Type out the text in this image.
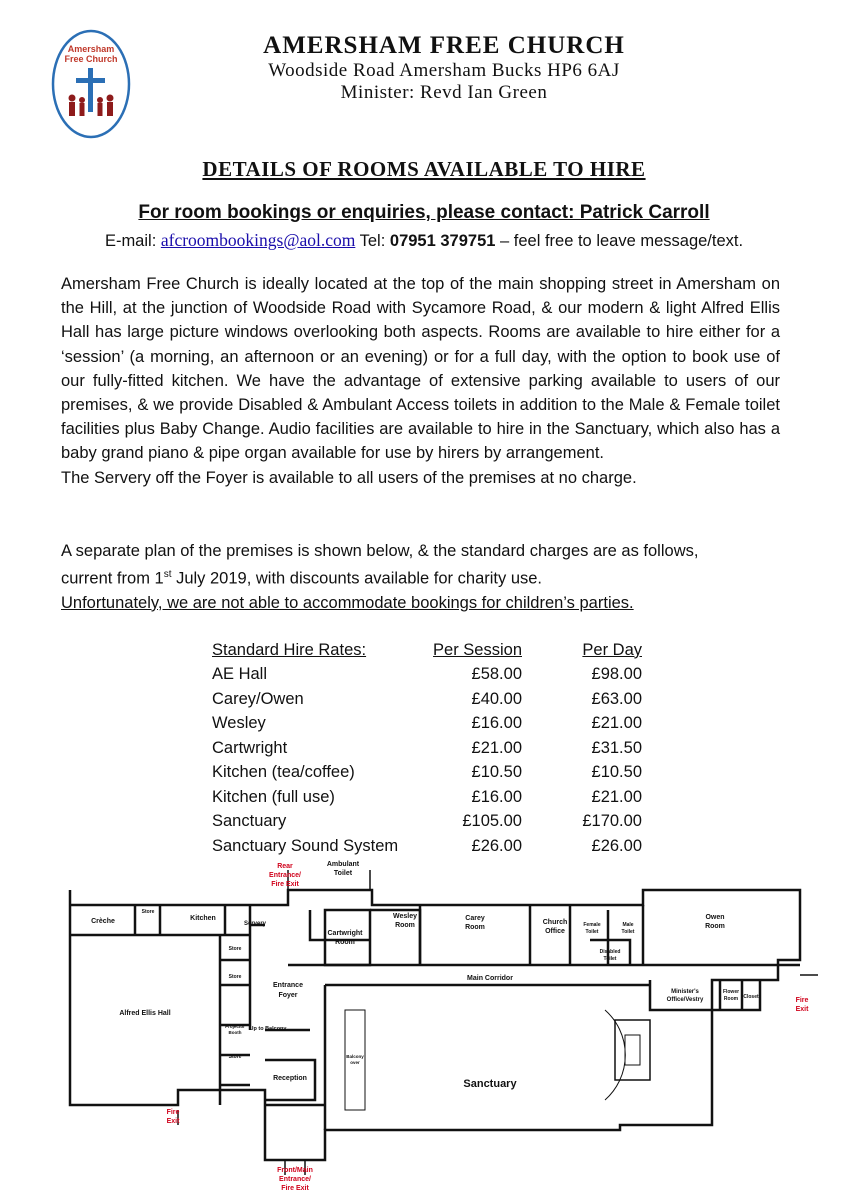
Amersham
Free Church	AMERSHAM FREE CHURCH
Woodside Road Amersham Bucks HP6 6AJ
Minister: Revd Ian Green
DETAILS OF ROOMS AVAILABLE TO HIRE
For room bookings or enquiries, please contact: Patrick Carroll
E-mail: afcroombookings@aol.com Tel: 07951 379751 – feel free to leave message/text.
Amersham Free Church is ideally located at the top of the main shopping street in Amersham on the Hill, at the junction of Woodside Road with Sycamore Road, & our modern & light Alfred Ellis Hall has large picture windows overlooking both aspects. Rooms are available to hire either for a ‘session’ (a morning, an afternoon or an evening) or for a full day, with the option to book use of our fully-fitted kitchen. We have the advantage of extensive parking available to users of our premises, & we provide Disabled & Ambulant Access toilets in addition to the Male & Female toilet facilities plus Baby Change. Audio facilities are available to hire in the Sanctuary, which also has a baby grand piano & pipe organ available for use by hirers by arrangement.
The Servery off the Foyer is available to all users of the premises at no charge.
A separate plan of the premises is shown below, & the standard charges are as follows,
current from 1st July 2019, with discounts available for charity use.
Unfortunately, we are not able to accommodate bookings for children’s parties.
Standard Hire Rates:	Per Session	Per Day
AE Hall	£58.00	£98.00
Carey/Owen	£40.00	£63.00
Wesley	£16.00	£21.00
Cartwright	£21.00	£31.50
Kitchen (tea/coffee)	£10.50	£10.50
Kitchen (full use)	£16.00	£21.00
Sanctuary	£105.00	£170.00
Sanctuary Sound System	£26.00	£26.00
Rear
Entrance/
Fire Exit
Fire
Exit
Fire
Exit
Front/Main
Entrance/
Fire Exit
Ambulant
Toilet
Crèche
Store
Kitchen
Servery
Store
Store
Store
Cartwright
Room
Wesley
Room
Carey
Room
Church
Office
Female
Toilet
Male
Toilet
Disabled
Toilet
Owen
Room
Entrance
Foyer
Main Corridor
Alfred Ellis Hall
Projector
Booth
Up to Balcony
Reception
Balcony
over
Sanctuary
Minister's
Office/Vestry
Flower
Room Closet
